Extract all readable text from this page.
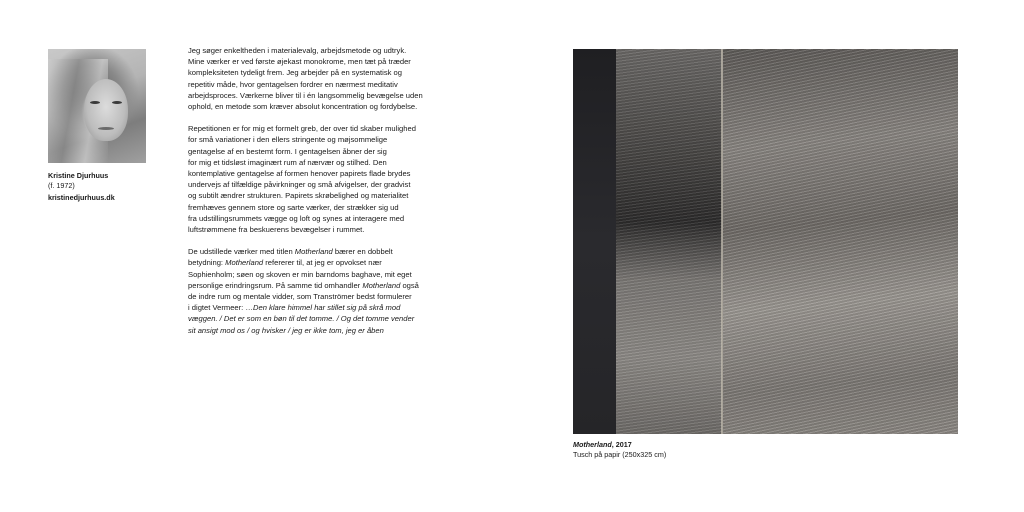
Kristine Djurhuus
(f. 1972)
kristinedjurhuus.dk

Jeg søger enkeltheden i materialevalg, arbejdsmetode og udtryk.
Mine værker er ved første øjekast monokrome, men tæt på træder
kompleksiteten tydeligt frem. Jeg arbejder på en systematisk og
repetitiv måde, hvor gentagelsen fordrer en nærmest meditativ
arbejdsproces. Værkerne bliver til i én langsommelig bevægelse uden
ophold, en metode som kræver absolut koncentration og fordybelse.

Repetitionen er for mig et formelt greb, der over tid skaber mulighed
for små variationer i den ellers stringente og møjsommelige
gentagelse af en bestemt form. I gentagelsen åbner der sig
for mig et tidsløst imaginært rum af nærvær og stilhed. Den
kontemplative gentagelse af formen henover papirets flade brydes
undervejs af tilfældige påvirkninger og små afvigelser, der gradvist
og subtilt ændrer strukturen. Papirets skrøbelighed og materialitet
fremhæves gennem store og sarte værker, der strækker sig ud
fra udstillingsrummets vægge og loft og synes at interagere med
luftstrømmene fra beskuerens bevægelser i rummet.

De udstillede værker med titlen Motherland bærer en dobbelt
betydning: Motherland refererer til, at jeg er opvokset nær
Sophienholm; søen og skoven er min barndoms baghave, mit eget
personlige erindringsrum. På samme tid omhandler Motherland også
de indre rum og mentale vidder, som Tranströmer bedst formulerer
i digtet Vermeer: …Den klare himmel har stillet sig på skrå mod
væggen. / Det er som en bøn til det tomme. / Og det tomme vender
sit ansigt mod os / og hvisker / jeg er ikke tom, jeg er åben

Motherland, 2017
Tusch på papir (250x325 cm)
